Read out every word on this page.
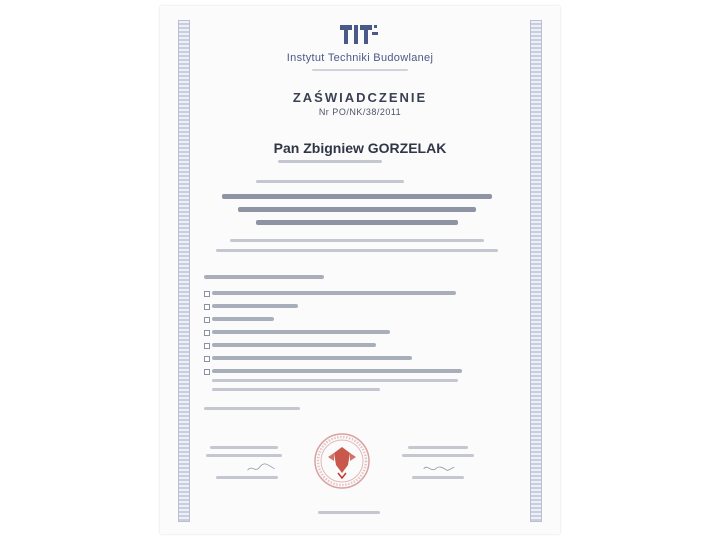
Instytut Techniki Budowlanej
ZAŚWIADCZENIE
Nr PO/NK/38/2011
Pan Zbigniew GORZELAK
